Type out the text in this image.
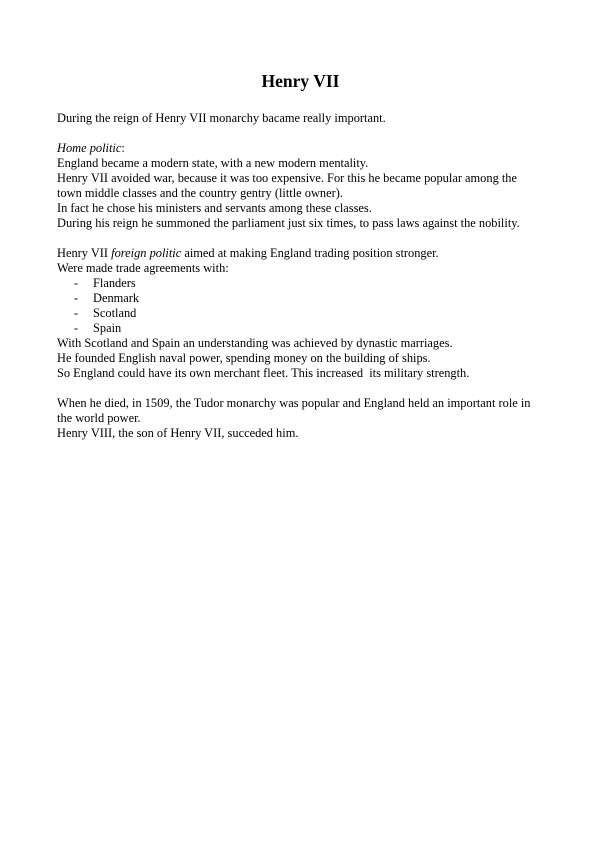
Henry VII

During the reign of Henry VII monarchy bacame really important.

Home politic:
England became a modern state, with a new modern mentality.
Henry VII avoided war, because it was too expensive. For this he became popular among the town middle classes and the country gentry (little owner).
In fact he chose his ministers and servants among these classes.
During his reign he summoned the parliament just six times, to pass laws against the nobility.
Henry VII foreign politic aimed at making England trading position stronger.
Were made trade agreements with:
-	Flanders
-	Denmark
-	Scotland
-	Spain
With Scotland and Spain an understanding was achieved by dynastic marriages.
He founded English naval power, spending money on the building of ships.
So England could have its own merchant fleet. This increased  its military strength.
When he died, in 1509, the Tudor monarchy was popular and England held an important role in the world power.
Henry VIII, the son of Henry VII, succeded him.
